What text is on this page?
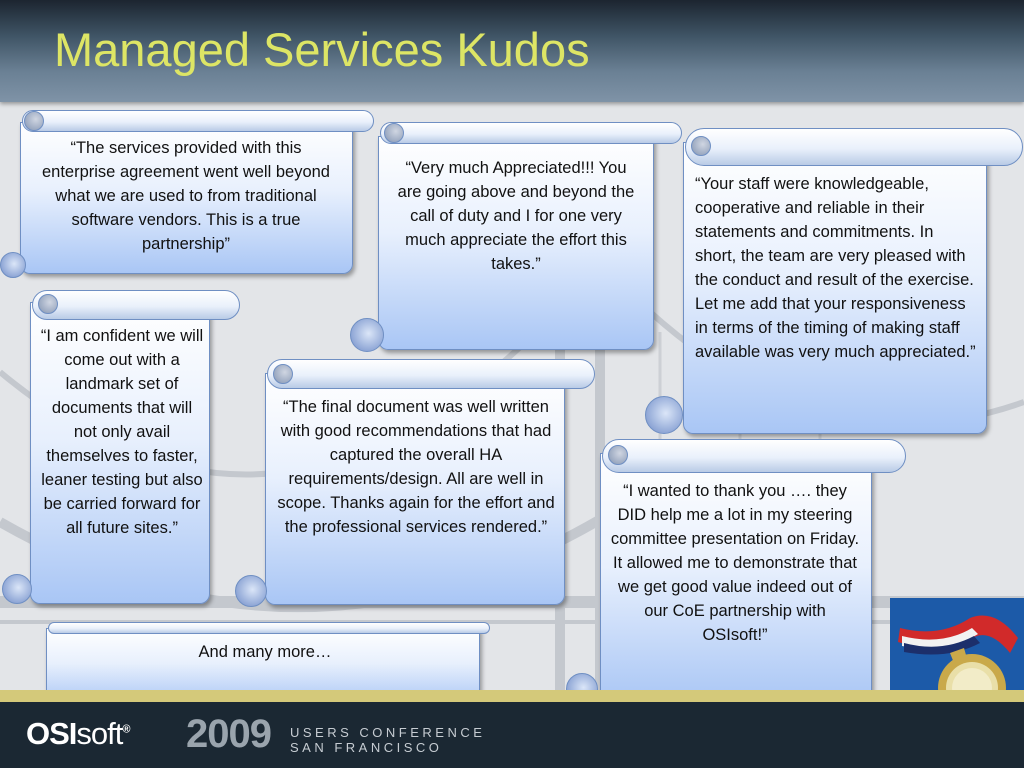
Managed Services Kudos
“The services provided with this enterprise agreement went well beyond what we are used to from traditional software vendors. This is a true partnership”
“Very much Appreciated!!! You are going above and beyond the call of duty and I for one very much appreciate the effort this takes.”
“Your staff were knowledgeable, cooperative and reliable in their statements and commitments. In short, the team are very pleased with the conduct and result of the exercise. Let me add that your responsiveness in terms of the timing of making staff available was very much appreciated.”
“I am confident we will come out with a landmark set of documents that will not only avail themselves to faster, leaner testing but also be carried forward for all future sites.”
“The final document was well written with good recommendations that had captured the overall HA requirements/design. All are well in scope. Thanks again for the effort and the professional services rendered.”
“I wanted to thank you …. they DID help me a lot in my steering committee presentation on Friday. It allowed me to demonstrate that we get good value indeed out of our CoE partnership with OSIsoft!”
And many more…
OSIsoft® 2009 USERS CONFERENCE
SAN FRANCISCO
